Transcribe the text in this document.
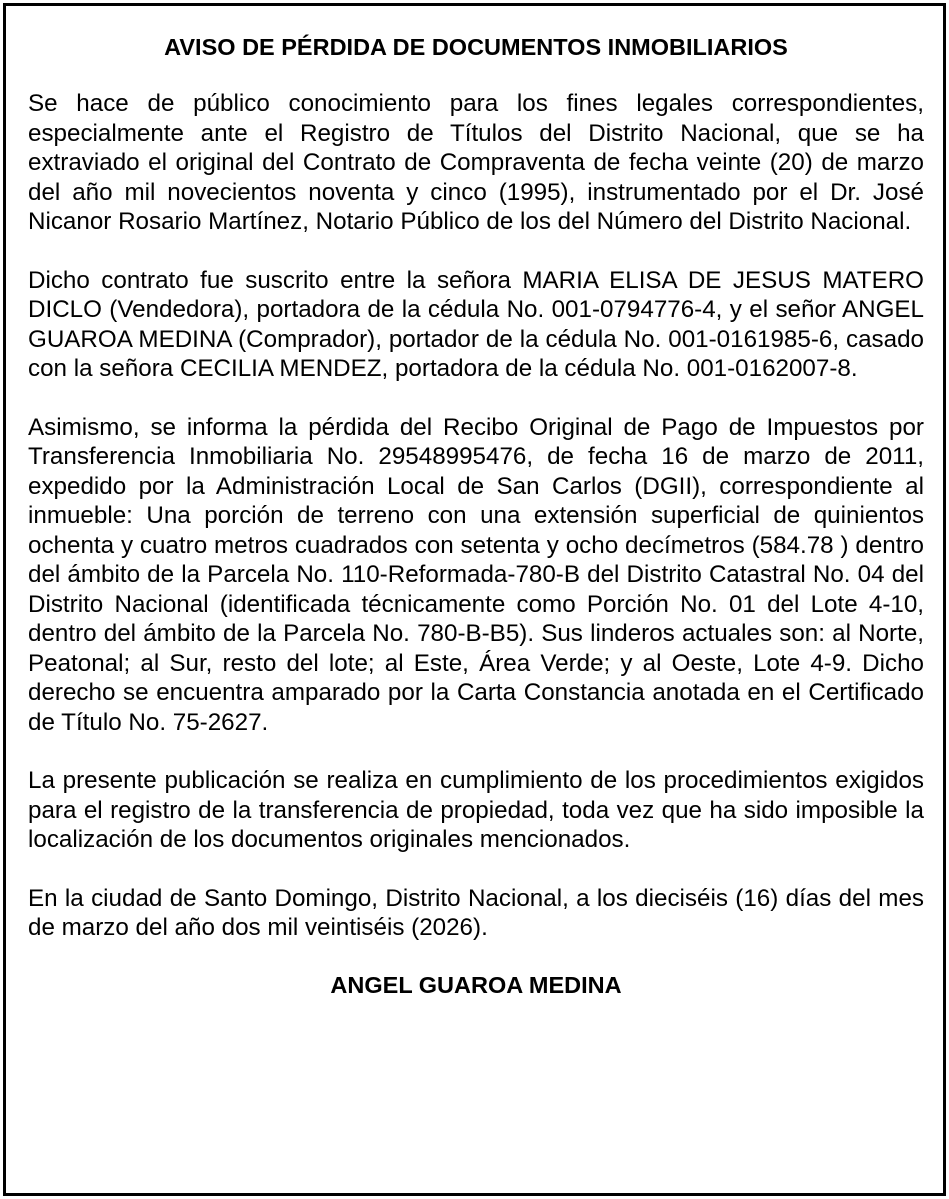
AVISO DE PÉRDIDA DE DOCUMENTOS INMOBILIARIOS

Se hace de público conocimiento para los fines legales correspondientes, especialmente ante el Registro de Títulos del Distrito Nacional, que se ha extraviado el original del Contrato de Compraventa de fecha veinte (20) de marzo del año mil novecientos noventa y cinco (1995), instrumentado por el Dr. José Nicanor Rosario Martínez, Notario Público de los del Número del Distrito Nacional.

Dicho contrato fue suscrito entre la señora MARIA ELISA DE JESUS MATERO DICLO (Vendedora), portadora de la cédula No. 001-0794776-4, y el señor ANGEL GUAROA MEDINA (Comprador), portador de la cédula No. 001-0161985-6, casado con la señora CECILIA MENDEZ, portadora de la cédula No. 001-0162007-8.

Asimismo, se informa la pérdida del Recibo Original de Pago de Impuestos por Transferencia Inmobiliaria No. 29548995476, de fecha 16 de marzo de 2011, expedido por la Administración Local de San Carlos (DGII), correspondiente al inmueble: Una porción de terreno con una extensión superficial de quinientos ochenta y cuatro metros cuadrados con setenta y ocho decímetros (584.78 ) dentro del ámbito de la Parcela No. 110-Reformada-780-B del Distrito Catastral No. 04 del Distrito Nacional (identificada técnicamente como Porción No. 01 del Lote 4-10, dentro del ámbito de la Parcela No. 780-B-B5). Sus linderos actuales son: al Norte, Peatonal; al Sur, resto del lote; al Este, Área Verde; y al Oeste, Lote 4-9. Dicho derecho se encuentra amparado por la Carta Constancia anotada en el Certificado de Título No. 75-2627.

La presente publicación se realiza en cumplimiento de los procedimientos exigidos para el registro de la transferencia de propiedad, toda vez que ha sido imposible la localización de los documentos originales mencionados.

En la ciudad de Santo Domingo, Distrito Nacional, a los dieciséis (16) días del mes de marzo del año dos mil veintiséis (2026).

ANGEL GUAROA MEDINA
